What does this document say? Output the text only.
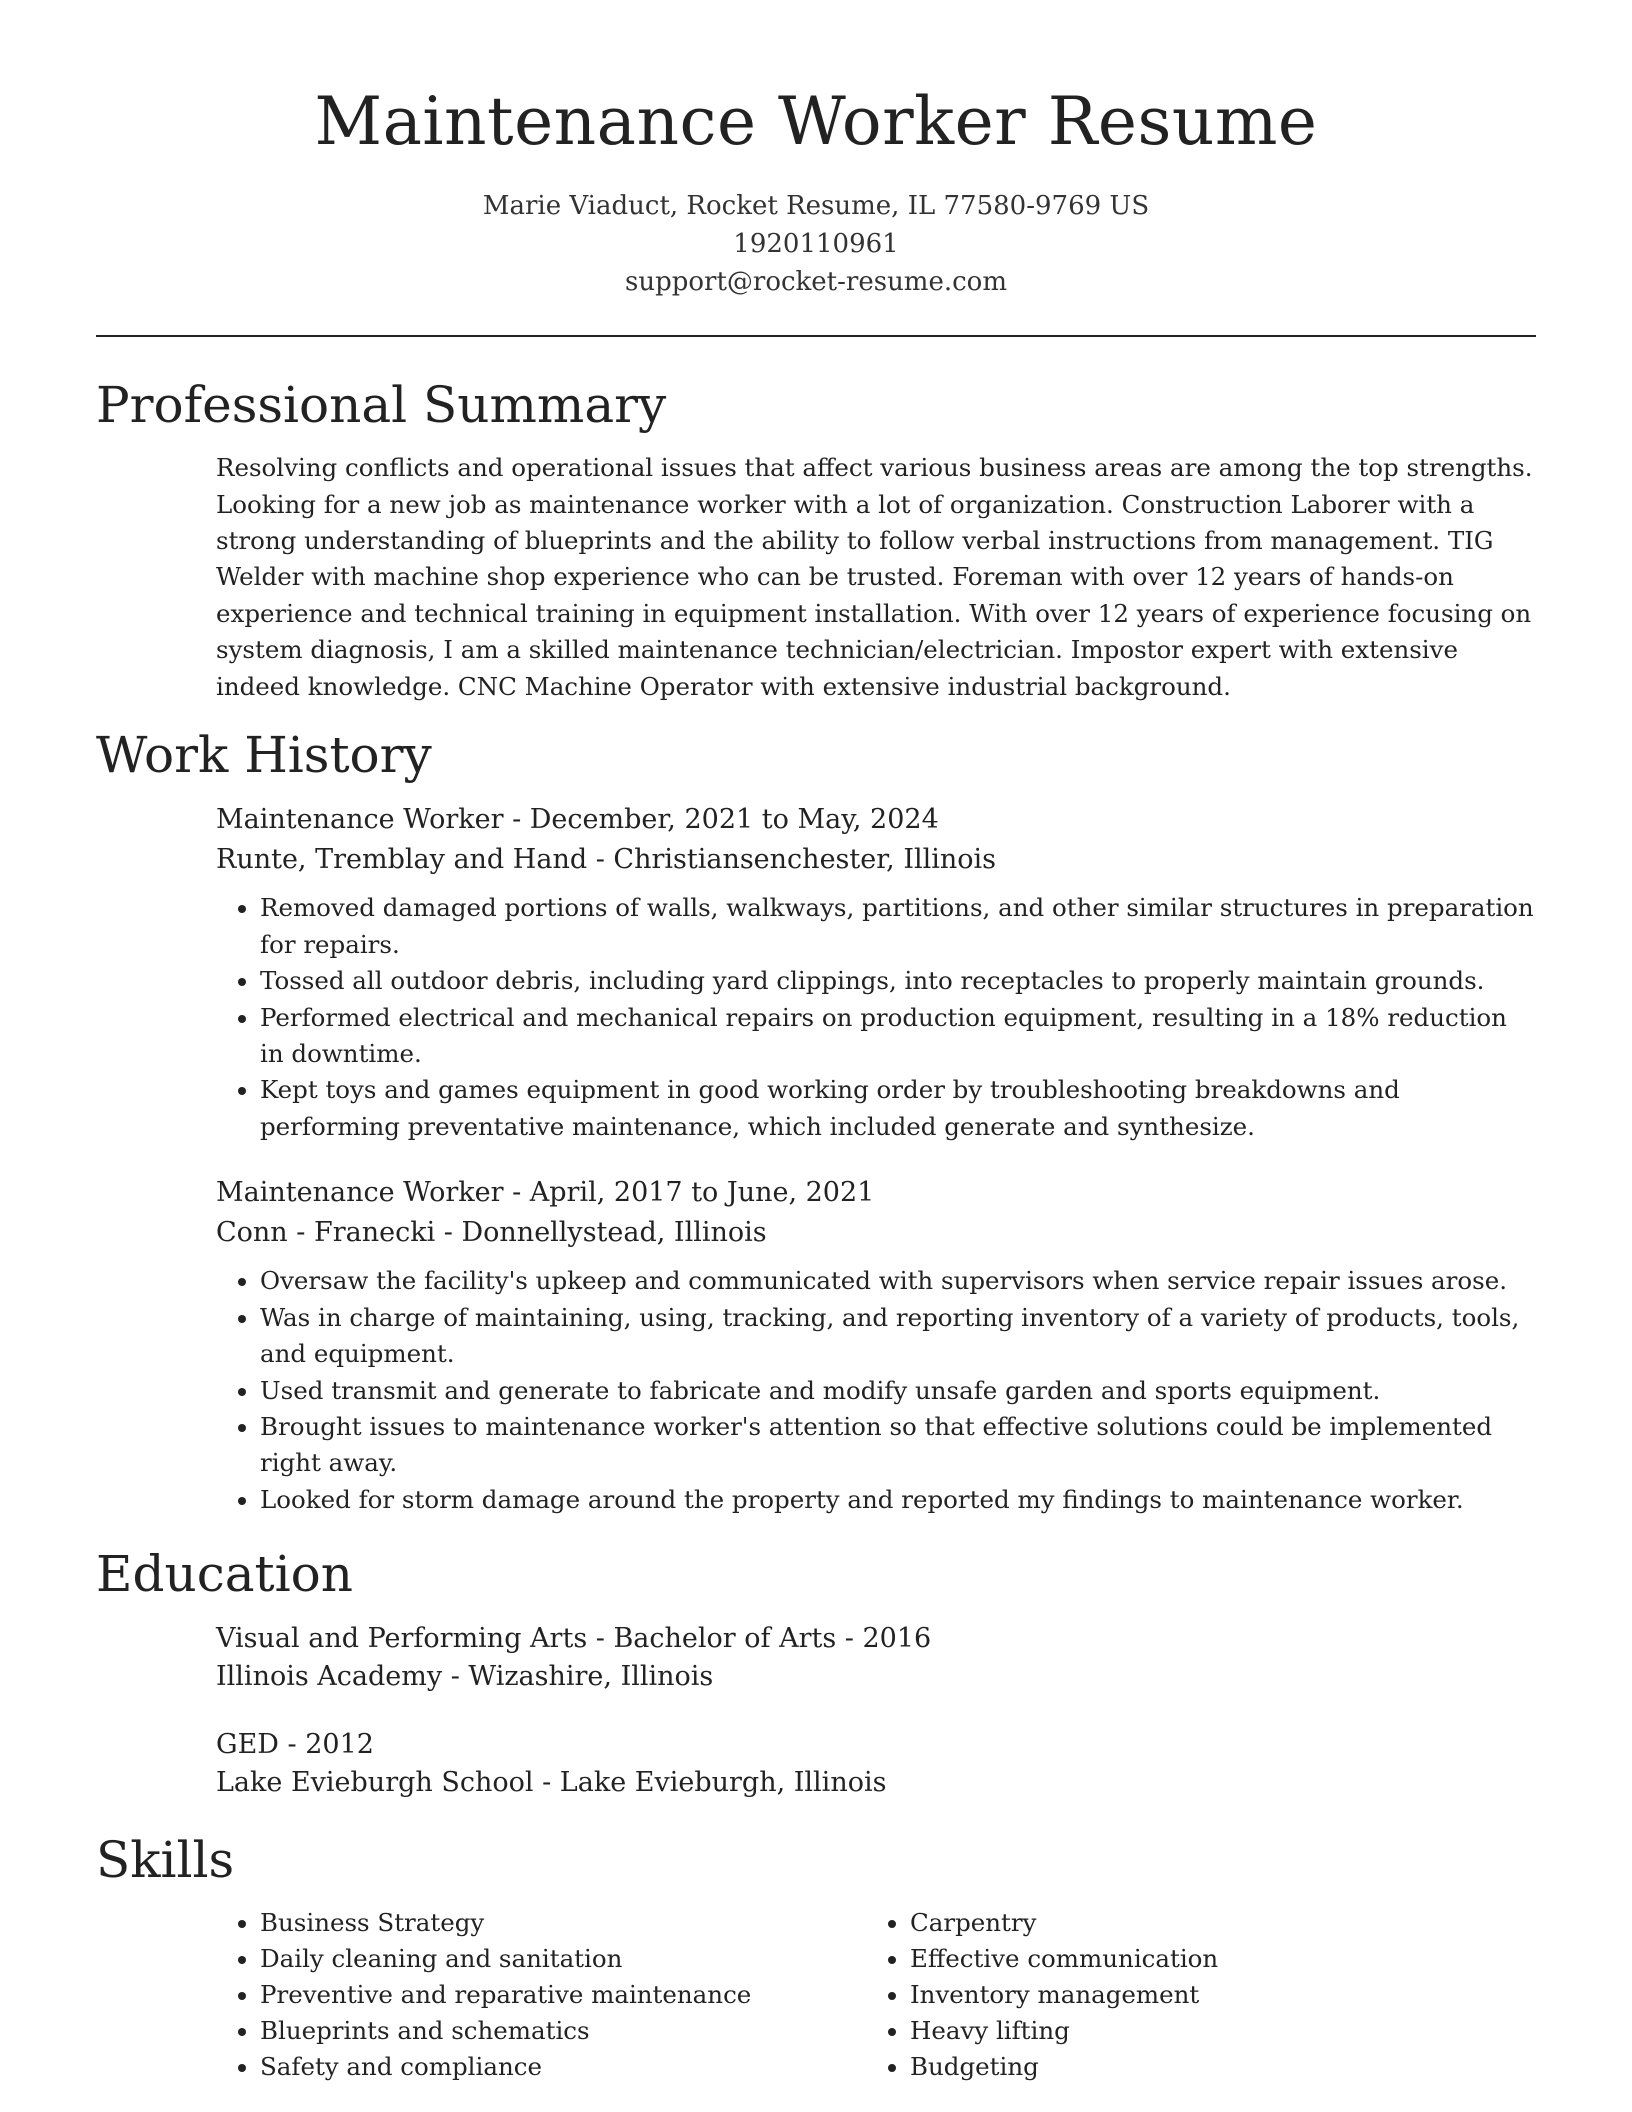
Maintenance Worker Resume
Marie Viaduct, Rocket Resume, IL 77580-9769 US
1920110961
support@rocket-resume.com
Professional Summary

Resolving conflicts and operational issues that affect various business areas are among the top strengths. Looking for a new job as maintenance worker with a lot of organization. Construction Laborer with a strong understanding of blueprints and the ability to follow verbal instructions from management. TIG Welder with machine shop experience who can be trusted. Foreman with over 12 years of hands-on experience and technical training in equipment installation. With over 12 years of experience focusing on system diagnosis, I am a skilled maintenance technician/electrician. Impostor expert with extensive indeed knowledge. CNC Machine Operator with extensive industrial background.

Work History
Maintenance Worker - December, 2021 to May, 2024
Runte, Tremblay and Hand - Christiansenchester, Illinois
• Removed damaged portions of walls, walkways, partitions, and other similar structures in preparation for repairs.
• Tossed all outdoor debris, including yard clippings, into receptacles to properly maintain grounds.
• Performed electrical and mechanical repairs on production equipment, resulting in a 18% reduction in downtime.
• Kept toys and games equipment in good working order by troubleshooting breakdowns and performing preventative maintenance, which included generate and synthesize.
Maintenance Worker - April, 2017 to June, 2021
Conn - Franecki - Donnellystead, Illinois
• Oversaw the facility's upkeep and communicated with supervisors when service repair issues arose.
• Was in charge of maintaining, using, tracking, and reporting inventory of a variety of products, tools, and equipment.
• Used transmit and generate to fabricate and modify unsafe garden and sports equipment.
• Brought issues to maintenance worker's attention so that effective solutions could be implemented right away.
• Looked for storm damage around the property and reported my findings to maintenance worker.
Education
Visual and Performing Arts - Bachelor of Arts - 2016
Illinois Academy - Wizashire, Illinois
GED - 2012
Lake Evieburgh School - Lake Evieburgh, Illinois
Skills
• Business Strategy
• Daily cleaning and sanitation
• Preventive and reparative maintenance
• Blueprints and schematics
• Safety and compliance
• Carpentry
• Effective communication
• Inventory management
• Heavy lifting
• Budgeting
